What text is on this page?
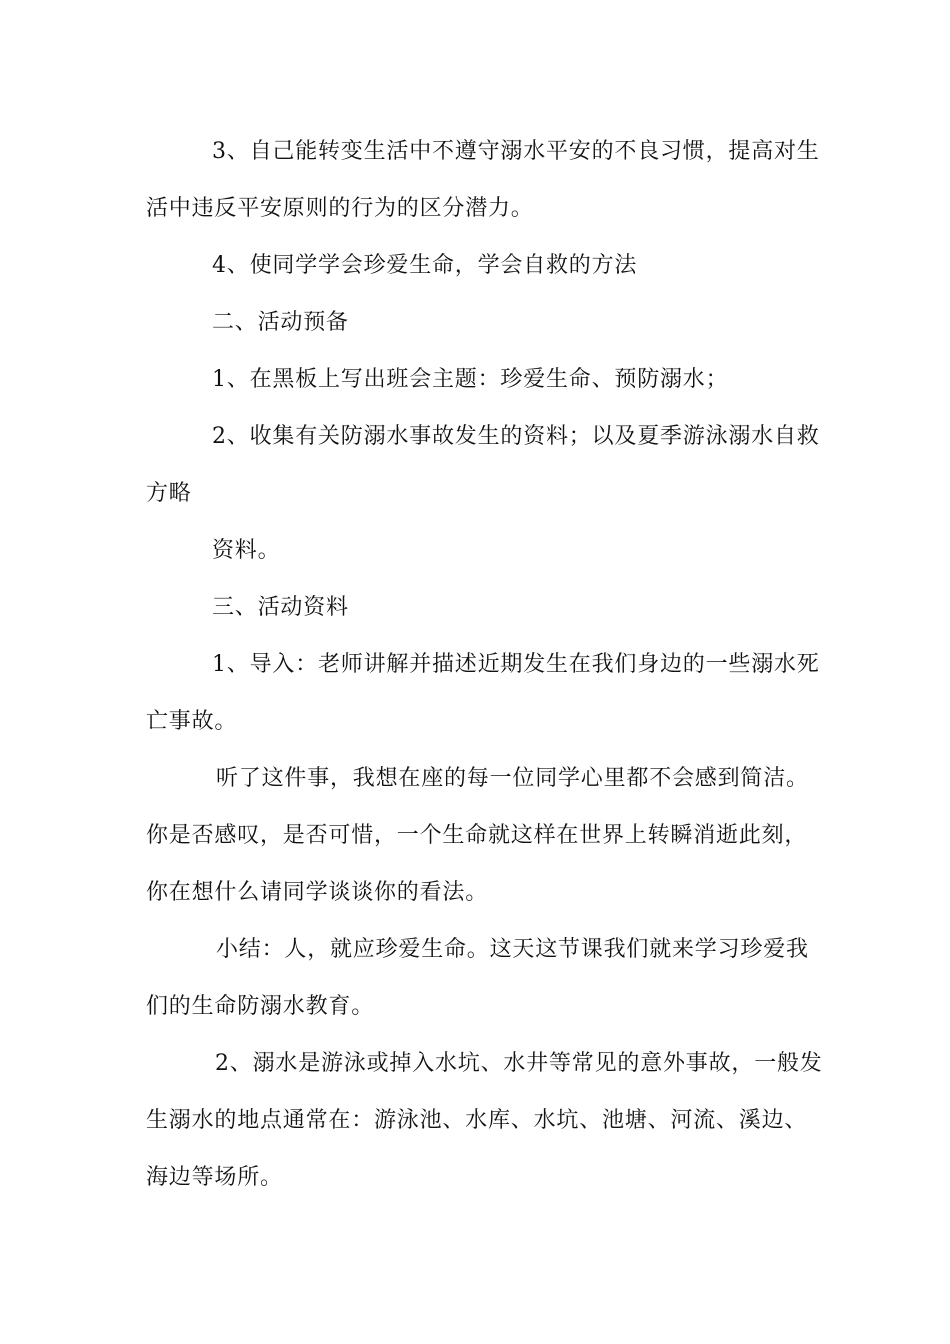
3、自己能转变生活中不遵守溺水平安的不良习惯，提高对生
活中违反平安原则的行为的区分潜力。
4、使同学学会珍爱生命，学会自救的方法
二、活动预备
1、在黑板上写出班会主题：珍爱生命、预防溺水；
2、收集有关防溺水事故发生的资料；以及夏季游泳溺水自救
方略
资料。
三、活动资料
1、导入：老师讲解并描述近期发生在我们身边的一些溺水死
亡事故。
听了这件事，我想在座的每一位同学心里都不会感到简洁。
你是否感叹，是否可惜，一个生命就这样在世界上转瞬消逝此刻，
你在想什么请同学谈谈你的看法。
小结：人，就应珍爱生命。这天这节课我们就来学习珍爱我
们的生命防溺水教育。
2、溺水是游泳或掉入水坑、水井等常见的意外事故，一般发
生溺水的地点通常在：游泳池、水库、水坑、池塘、河流、溪边、
海边等场所。
